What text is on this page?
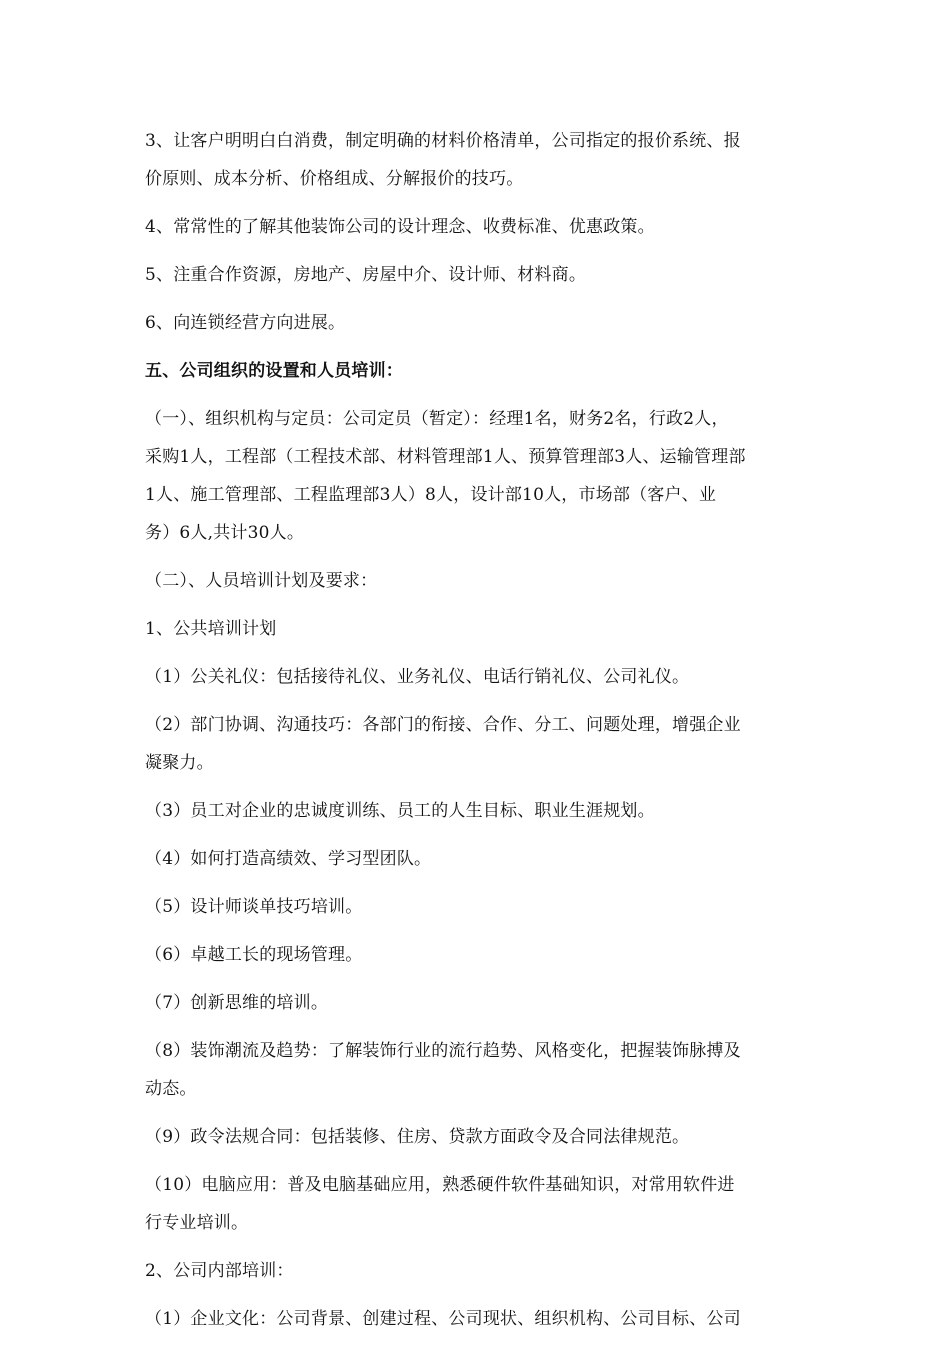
3、让客户明明白白消费，制定明确的材料价格清单，公司指定的报价系统、报
价原则、成本分析、价格组成、分解报价的技巧。

4、常常性的了解其他装饰公司的设计理念、收费标准、优惠政策。

5、注重合作资源，房地产、房屋中介、设计师、材料商。

6、向连锁经营方向进展。

五、公司组织的设置和人员培训：

（一）、组织机构与定员：公司定员（暂定）：经理1名，财务2名，行政2人，
采购1人，工程部（工程技术部、材料管理部1人、预算管理部3人、运输管理部
1人、施工管理部、工程监理部3人）8人，设计部10人，市场部（客户、业
务）6人,共计30人。

（二）、人员培训计划及要求：

1、公共培训计划

（1）公关礼仪：包括接待礼仪、业务礼仪、电话行销礼仪、公司礼仪。

（2）部门协调、沟通技巧：各部门的衔接、合作、分工、问题处理，增强企业
凝聚力。

（3）员工对企业的忠诚度训练、员工的人生目标、职业生涯规划。

（4）如何打造高绩效、学习型团队。

（5）设计师谈单技巧培训。

（6）卓越工长的现场管理。

（7）创新思维的培训。

（8）装饰潮流及趋势：了解装饰行业的流行趋势、风格变化，把握装饰脉搏及
动态。

（9）政令法规合同：包括装修、住房、贷款方面政令及合同法律规范。

（10）电脑应用：普及电脑基础应用，熟悉硬件软件基础知识，对常用软件进
行专业培训。

2、公司内部培训：

（1）企业文化：公司背景、创建过程、公司现状、组织机构、公司目标、公司
